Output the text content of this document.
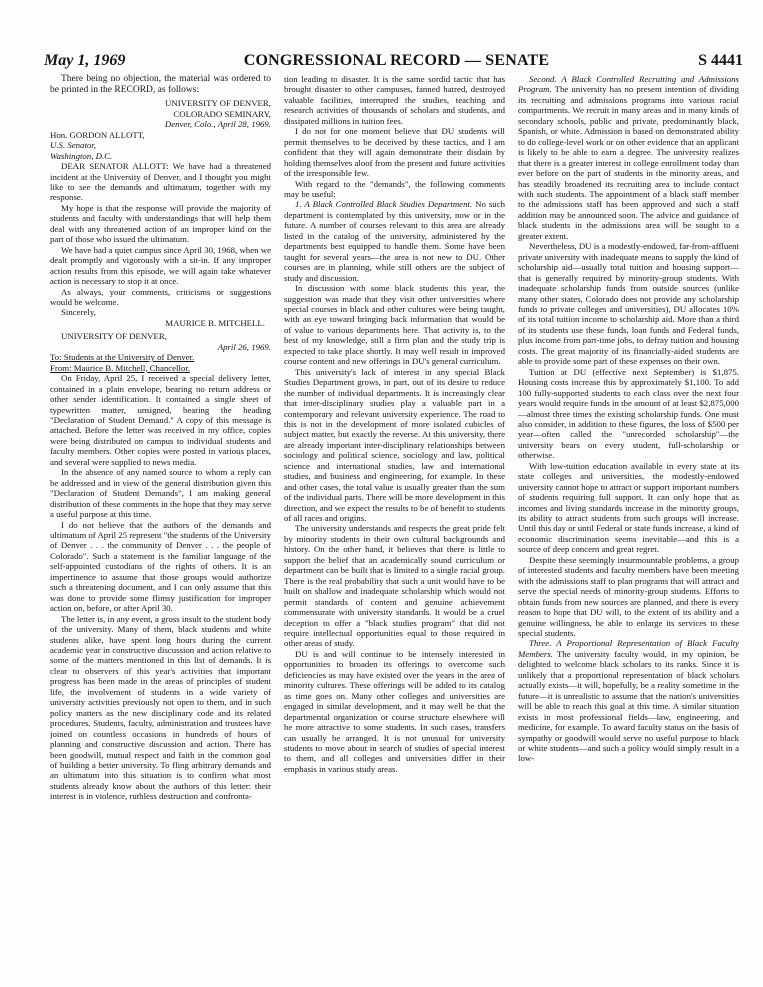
May 1, 1969	CONGRESSIONAL RECORD — SENATE	S 4441

There being no objection, the material was ordered to be printed in the RECORD, as follows:

UNIVERSITY OF DENVER,

COLORADO SEMINARY,

Denver, Colo., April 28, 1969.

Hon. GORDON ALLOTT,

U.S. Senator,

Washington, D.C.

DEAR SENATOR ALLOTT: We have had a threatened incident at the University of Denver, and I thought you might like to see the demands and ultimatum, together with my response.

My hope is that the response will provide the majority of students and faculty with understandings that will help them deal with any threatened action of an improper kind on the part of those who issued the ultimatum.

We have had a quiet campus since April 30, 1968, when we dealt promptly and vigorously with a sit-in. If any improper action results from this episode, we will again take whatever action is necessary to stop it at once.

As always, your comments, criticisms or suggestions would be welcome.

Sincerely,

MAURICE B. MITCHELL.

UNIVERSITY OF DENVER,

April 26, 1969.

To: Students at the University of Denver.

From: Maurice B. Mitchell, Chancellor.

On Friday, April 25, I received a special delivery letter, contained in a plain envelope, bearing no return address or other sender identification. It contained a single sheet of typewritten matter, unsigned, bearing the heading "Declaration of Student Demand." A copy of this message is attached. Before the letter was received in my office, copies were being distributed on campus to individual students and faculty members. Other copies were posted in various places, and several were supplied to news media.

In the absence of any named source to whom a reply can be addressed and in view of the general distribution given this "Declaration of Student Demands", I am making general distribution of these comments in the hope that they may serve a useful purpose at this time.

I do not believe that the authors of the demands and ultimatum of April 25 represent "the students of the University of Denver . . . the community of Denver . . . the people of Colorado". Such a statement is the familiar language of the self-appointed custodians of the rights of others. It is an impertinence to assume that those groups would authorize such a threatening document, and I can only assume that this was done to provide some flimsy justification for improper action on, before, or after April 30.

The letter is, in any event, a gross insult to the student body of the university. Many of them, black students and white students alike, have spent long hours during the current academic year in constructive discussion and action relative to some of the matters mentioned in this list of demands. It is clear to observers of this year's activities that important progress has been made in the areas of principles of student life, the involvement of students in a wide variety of university activities previously not open to them, and in such policy matters as the new disciplinary code and its related procedures. Students, faculty, administration and trustees have joined on countless occasions in hundreds of hours of planning and constructive discussion and action. There has been goodwill, mutual respect and faith in the common goal of building a better university. To fling arbitrary demands and an ultimatum into this situation is to confirm what most students already know about the authors of this letter: their interest is in violence, ruthless destruction and confronta-

tion leading to disaster. It is the same sordid tactic that has brought disaster to other campuses, fanned hatred, destroyed valuable facilities, interrupted the studies, teaching and research activities of thousands of scholars and students, and dissipated millions in tuition fees.

I do not for one moment believe that DU students will permit themselves to be deceived by these tactics, and I am confident that they will again demonstrate their disdain by holding themselves aloof from the present and future activities of the irresponsible few.

With regard to the "demands", the following comments may be useful:

1. A Black Controlled Black Studies Department. No such department is contemplated by this university, now or in the future. A number of courses relevant to this area are already listed in the catalog of the university, administered by the departments best equipped to handle them. Some have been taught for several years—the area is not new to DU. Other courses are in planning, while still others are the subject of study and discussion.

In discussion with some black students this year, the suggestion was made that they visit other universities where special courses in black and other cultures were being taught, with an eye toward bringing back information that would be of value to various departments here. That activity is, to the best of my knowledge, still a firm plan and the study trip is expected to take place shortly. It may well result in improved course content and new offerings in DU's general curriculum.

This university's lack of interest in any special Black Studies Department grows, in part, out of its desire to reduce the number of individual departments. It is increasingly clear that inter-disciplinary studies play a valuable part in a contemporary and relevant university experience. The road to this is not in the development of more isolated cubicles of subject matter, but exactly the reverse. At this university, there are already important inter-disciplinary relationships between sociology and political science, sociology and law, political science and international studies, law and international studies, and business and engineering, for example. In these and other cases, the total value is usually greater than the sum of the individual parts. There will be more development in this direction, and we expect the results to be of benefit to students of all races and origins.

The university understands and respects the great pride felt by minority students in their own cultural backgrounds and history. On the other hand, it believes that there is little to support the belief that an academically sound curriculum or department can be built that is limited to a single racial group. There is the real probability that such a unit would have to be built on shallow and inadequate scholarship which would not permit standards of content and genuine achievement commensurate with university standards. It would be a cruel deception to offer a "black studies program" that did not require intellectual opportunities equal to those required in other areas of study.

DU is and will continue to be intensely interested in opportunities to broaden its offerings to overcome such deficiencies as may have existed over the years in the area of minority cultures. These offerings will be added to its catalog as time goes on. Many other colleges and universities are engaged in similar development, and it may well be that the departmental organization or course structure elsewhere will be more attractive to some students. In such cases, transfers can usually be arranged. It is not unusual for university students to move about in search of studies of special interest to them, and all colleges and universities differ in their emphasis in various study areas.

Second. A Black Controlled Recruiting and Admissions Program. The university has no present intention of dividing its recruiting and admissions programs into various racial compartments. We recruit in many areas and in many kinds of secondary schools, public and private, predominantly black, Spanish, or white. Admission is based on demonstrated ability to do college-level work or on other evidence that an applicant is likely to be able to earn a degree. The university realizes that there is a greater interest in college enrollment today than ever before on the part of students in the minority areas, and has steadily broadened its recruiting area to include contact with such students. The appointment of a black staff member to the admissions staff has been approved and such a staff addition may be announced soon. The advice and guidance of black students in the admissions area will be sought to a greater extent.

Nevertheless, DU is a modestly-endowed, far-from-affluent private university with inadequate means to supply the kind of scholarship aid—usually total tuition and housing support—that is generally required by minority-group students. With inadequate scholarship funds from outside sources (unlike many other states, Colorado does not provide any scholarship funds to private colleges and universities), DU allocates 10% of its total tuition income to scholarship aid. More than a third of its students use these funds, loan funds and Federal funds, plus income from part-time jobs, to defray tuition and housing costs. The great majority of its financially-aided students are able to provide some part of these expenses on their own.

Tuition at DU (effective next September) is $1,875. Housing costs increase this by approximately $1,100. To add 100 fully-supported students to each class over the next four years would require funds in the amount of at least $2,875,000—almost three times the existing scholarship funds. One must also consider, in addition to these figures, the loss of $500 per year—often called the "unrecorded scholarship"—the university bears on every student, full-scholarship or otherwise.

With low-tuition education available in every state at its state colleges and universities, the modestly-endowed university cannot hope to attract or support important numbers of students requiring full support. It can only hope that as incomes and living standards increase in the minority groups, its ability to attract students from such groups will increase. Until this day or until Federal or state funds increase, a kind of economic discrimination seems inevitable—and this is a source of deep concern and great regret.

Despite these seemingly insurmountable problems, a group of interested students and faculty members have been meeting with the admissions staff to plan programs that will attract and serve the special needs of minority-group students. Efforts to obtain funds from new sources are planned, and there is every reason to hope that DU will, to the extent of its ability and a genuine willingness, be able to enlarge its services to these special students.

Three. A Proportional Representation of Black Faculty Members. The university faculty would, in my opinion, be delighted to welcome black scholars to its ranks. Since it is unlikely that a proportional representation of black scholars actually exists—it will, hopefully, be a reality sometime in the future—it is unrealistic to assume that the nation's universities will be able to reach this goal at this time. A similar situation exists in most professional fields—law, engineering, and medicine, for example. To award faculty status on the basis of sympathy or goodwill would serve no useful purpose to black or white students—and such a policy would simply result in a low-
